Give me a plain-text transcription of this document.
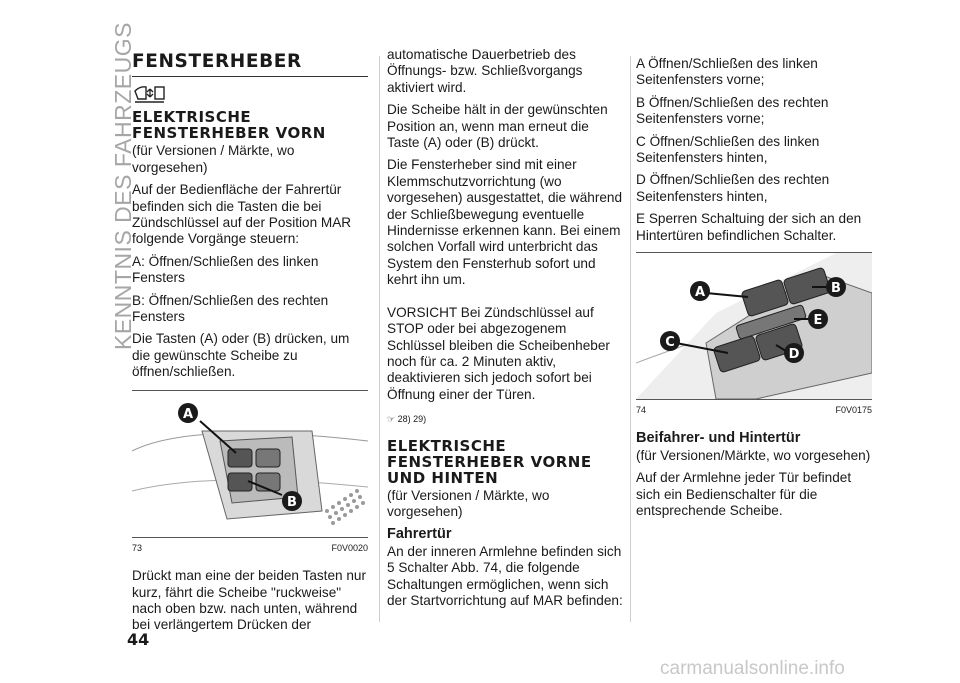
KENNTNIS DES FAHRZEUGS
FENSTERHEBER
ELEKTRISCHE
FENSTERHEBER VORN

(für Versionen / Märkte, wo vorgesehen)

Auf der Bedienfläche der Fahrertür befinden sich die Tasten die bei Zündschlüssel auf der Position MAR folgende Vorgänge steuern:

A: Öffnen/Schließen des linken Fensters

B: Öffnen/Schließen des rechten Fensters

Die Tasten (A) oder (B) drücken, um die gewünschte Scheibe zu öffnen/schließen.

A
B
73	F0V0020

Drückt man eine der beiden Tasten nur kurz, fährt die Scheibe "ruckweise" nach oben bzw. nach unten, während bei verlängertem Drücken der

automatische Dauerbetrieb des Öffnungs- bzw. Schließvorgangs aktiviert wird.

Die Scheibe hält in der gewünschten Position an, wenn man erneut die Taste (A) oder (B) drückt.

Die Fensterheber sind mit einer Klemmschutzvorrichtung (wo vorgesehen) ausgestattet, die während der Schließbewegung eventuelle Hindernisse erkennen kann. Bei einem solchen Vorfall wird unterbricht das System den Fensterhub sofort und kehrt ihn um.

VORSICHT Bei Zündschlüssel auf STOP oder bei abgezogenem Schlüssel bleiben die Scheibenheber noch für ca. 2 Minuten aktiv, deaktivieren sich jedoch sofort bei Öffnung einer der Türen.

☞ 28) 29)
ELEKTRISCHE
FENSTERHEBER VORNE
UND HINTEN

(für Versionen / Märkte, wo vorgesehen)

Fahrertür

An der inneren Armlehne befinden sich 5 Schalter Abb. 74, die folgende Schaltungen ermöglichen, wenn sich der Startvorrichtung auf MAR befinden:

A Öffnen/Schließen des linken Seitenfensters vorne;

B Öffnen/Schließen des rechten Seitenfensters vorne;

C Öffnen/Schließen des linken Seitenfensters hinten,

D Öffnen/Schließen des rechten Seitenfensters hinten,

E Sperren Schaltuing der sich an den Hintertüren befindlichen Schalter.

A	B
E
C
D
74	F0V0175
Beifahrer- und Hintertür

(für Versionen/Märkte, wo vorgesehen)

Auf der Armlehne jeder Tür befindet sich ein Bedienschalter für die entsprechende Scheibe.

44
carmanualsonline.info
